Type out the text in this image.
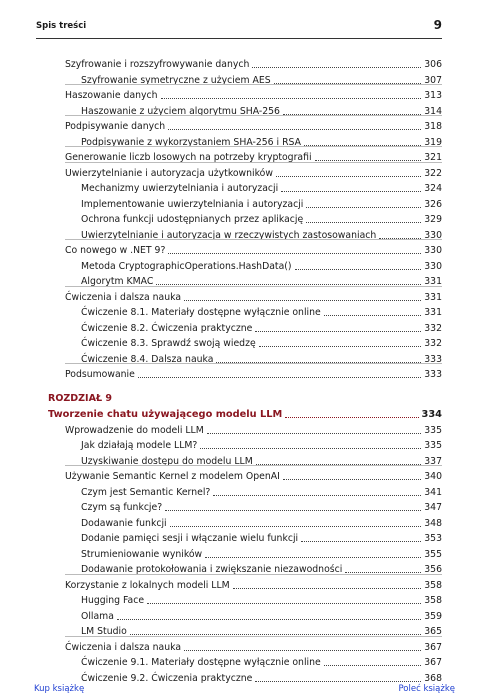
Spis treści	9
Szyfrowanie i rozszyfrowywanie danych	306
Szyfrowanie symetryczne z użyciem AES	307
Haszowanie danych	313
Haszowanie z użyciem algorytmu SHA-256	314
Podpisywanie danych	318
Podpisywanie z wykorzystaniem SHA-256 i RSA	319
Generowanie liczb losowych na potrzeby kryptografii	321
Uwierzytelnianie i autoryzacja użytkowników	322
Mechanizmy uwierzytelniania i autoryzacji	324
Implementowanie uwierzytelniania i autoryzacji	326
Ochrona funkcji udostępnianych przez aplikację	329
Uwierzytelnianie i autoryzacja w rzeczywistych zastosowaniach	330
Co nowego w .NET 9?	330
Metoda CryptographicOperations.HashData()	330
Algorytm KMAC	331
Ćwiczenia i dalsza nauka	331
Ćwiczenie 8.1. Materiały dostępne wyłącznie online	331
Ćwiczenie 8.2. Ćwiczenia praktyczne	332
Ćwiczenie 8.3. Sprawdź swoją wiedzę	332
Ćwiczenie 8.4. Dalsza nauka	333
Podsumowanie	333
ROZDZIAŁ 9
Tworzenie chatu używającego modelu LLM	334
Wprowadzenie do modeli LLM	335
Jak działają modele LLM?	335
Uzyskiwanie dostępu do modelu LLM	337
Używanie Semantic Kernel z modelem OpenAI	340
Czym jest Semantic Kernel?	341
Czym są funkcje?	347
Dodawanie funkcji	348
Dodanie pamięci sesji i włączanie wielu funkcji	353
Strumieniowanie wyników	355
Dodawanie protokołowania i zwiększanie niezawodności	356
Korzystanie z lokalnych modeli LLM	358
Hugging Face	358
Ollama	359
LM Studio	365
Ćwiczenia i dalsza nauka	367
Ćwiczenie 9.1. Materiały dostępne wyłącznie online	367
Ćwiczenie 9.2. Ćwiczenia praktyczne	368
Kup książkę	Poleć książkę
